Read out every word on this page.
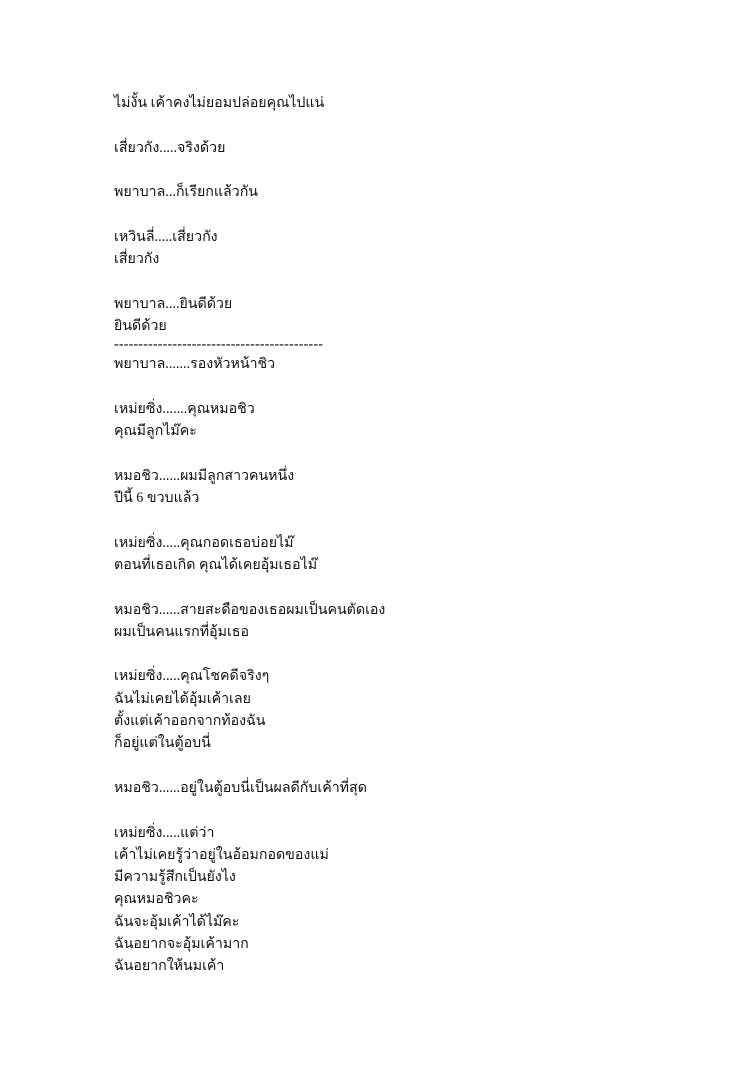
ไม่งั้น เค้าคงไม่ยอมปล่อยคุณไปแน่
เสี่ยวกัง.....จริงด้วย
พยาบาล...ก็เรียกแล้วกัน
เหวินลี่.....เสี่ยวกัง
เสี่ยวกัง
พยาบาล....ยินดีด้วย
ยินดีด้วย
-------------------------------------------
พยาบาล.......รองหัวหน้าชิว
เหม่ยซิ่ง.......คุณหมอชิว
คุณมีลูกไม๊คะ
หมอชิว......ผมมีลูกสาวคนหนึ่ง
ปีนี้ 6 ขวบแล้ว
เหม่ยซิ่ง.....คุณกอดเธอบ่อยไม๊
ตอนที่เธอเกิด คุณได้เคยอุ้มเธอไม๊
หมอชิว......สายสะดือของเธอผมเป็นคนตัดเอง
ผมเป็นคนแรกที่อุ้มเธอ
เหม่ยซิ่ง.....คุณโชคดีจริงๆ
ฉันไม่เคยได้อุ้มเค้าเลย
ตั้งแต่เค้าออกจากท้องฉัน
ก็อยู่แต่ในตู้อบนี่
หมอชิว......อยู่ในตู้อบนี่เป็นผลดีกับเค้าที่สุด
เหม่ยซิ่ง.....แต่ว่า
เค้าไม่เคยรู้ว่าอยู่ในอ้อมกอดของแม่
มีความรู้สึกเป็นยังไง
คุณหมอชิวคะ
ฉันจะอุ้มเค้าได้ไม๊คะ
ฉันอยากจะอุ้มเค้ามาก
ฉันอยากให้นมเค้า
